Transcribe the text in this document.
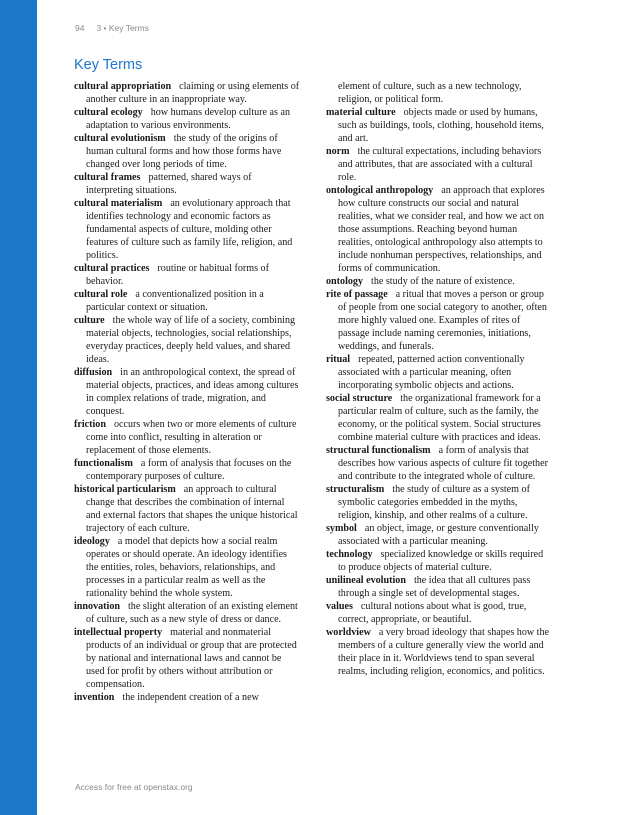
94 3 • Key Terms
Key Terms

cultural appropriation claiming or using elements of another culture in an inappropriate way.

cultural ecology how humans develop culture as an adaptation to various environments.

cultural evolutionism the study of the origins of human cultural forms and how those forms have changed over long periods of time.

cultural frames patterned, shared ways of interpreting situations.

cultural materialism an evolutionary approach that identifies technology and economic factors as fundamental aspects of culture, molding other features of culture such as family life, religion, and politics.

cultural practices routine or habitual forms of behavior.

cultural role a conventionalized position in a particular context or situation.

culture the whole way of life of a society, combining material objects, technologies, social relationships, everyday practices, deeply held values, and shared ideas.

diffusion in an anthropological context, the spread of material objects, practices, and ideas among cultures in complex relations of trade, migration, and conquest.

friction occurs when two or more elements of culture come into conflict, resulting in alteration or replacement of those elements.

functionalism a form of analysis that focuses on the contemporary purposes of culture.

historical particularism an approach to cultural change that describes the combination of internal and external factors that shapes the unique historical trajectory of each culture.

ideology a model that depicts how a social realm operates or should operate. An ideology identifies the entities, roles, behaviors, relationships, and processes in a particular realm as well as the rationality behind the whole system.

innovation the slight alteration of an existing element of culture, such as a new style of dress or dance.

intellectual property material and nonmaterial products of an individual or group that are protected by national and international laws and cannot be used for profit by others without attribution or compensation.

invention the independent creation of a new

element of culture, such as a new technology, religion, or political form.

material culture objects made or used by humans, such as buildings, tools, clothing, household items, and art.

norm the cultural expectations, including behaviors and attributes, that are associated with a cultural role.

ontological anthropology an approach that explores how culture constructs our social and natural realities, what we consider real, and how we act on those assumptions. Reaching beyond human realities, ontological anthropology also attempts to include nonhuman perspectives, relationships, and forms of communication.

ontology the study of the nature of existence.

rite of passage a ritual that moves a person or group of people from one social category to another, often more highly valued one. Examples of rites of passage include naming ceremonies, initiations, weddings, and funerals.

ritual repeated, patterned action conventionally associated with a particular meaning, often incorporating symbolic objects and actions.

social structure the organizational framework for a particular realm of culture, such as the family, the economy, or the political system. Social structures combine material culture with practices and ideas.

structural functionalism a form of analysis that describes how various aspects of culture fit together and contribute to the integrated whole of culture.

structuralism the study of culture as a system of symbolic categories embedded in the myths, religion, kinship, and other realms of a culture.

symbol an object, image, or gesture conventionally associated with a particular meaning.

technology specialized knowledge or skills required to produce objects of material culture.

unilineal evolution the idea that all cultures pass through a single set of developmental stages.

values cultural notions about what is good, true, correct, appropriate, or beautiful.

worldview a very broad ideology that shapes how the members of a culture generally view the world and their place in it. Worldviews tend to span several realms, including religion, economics, and politics.

Access for free at openstax.org
